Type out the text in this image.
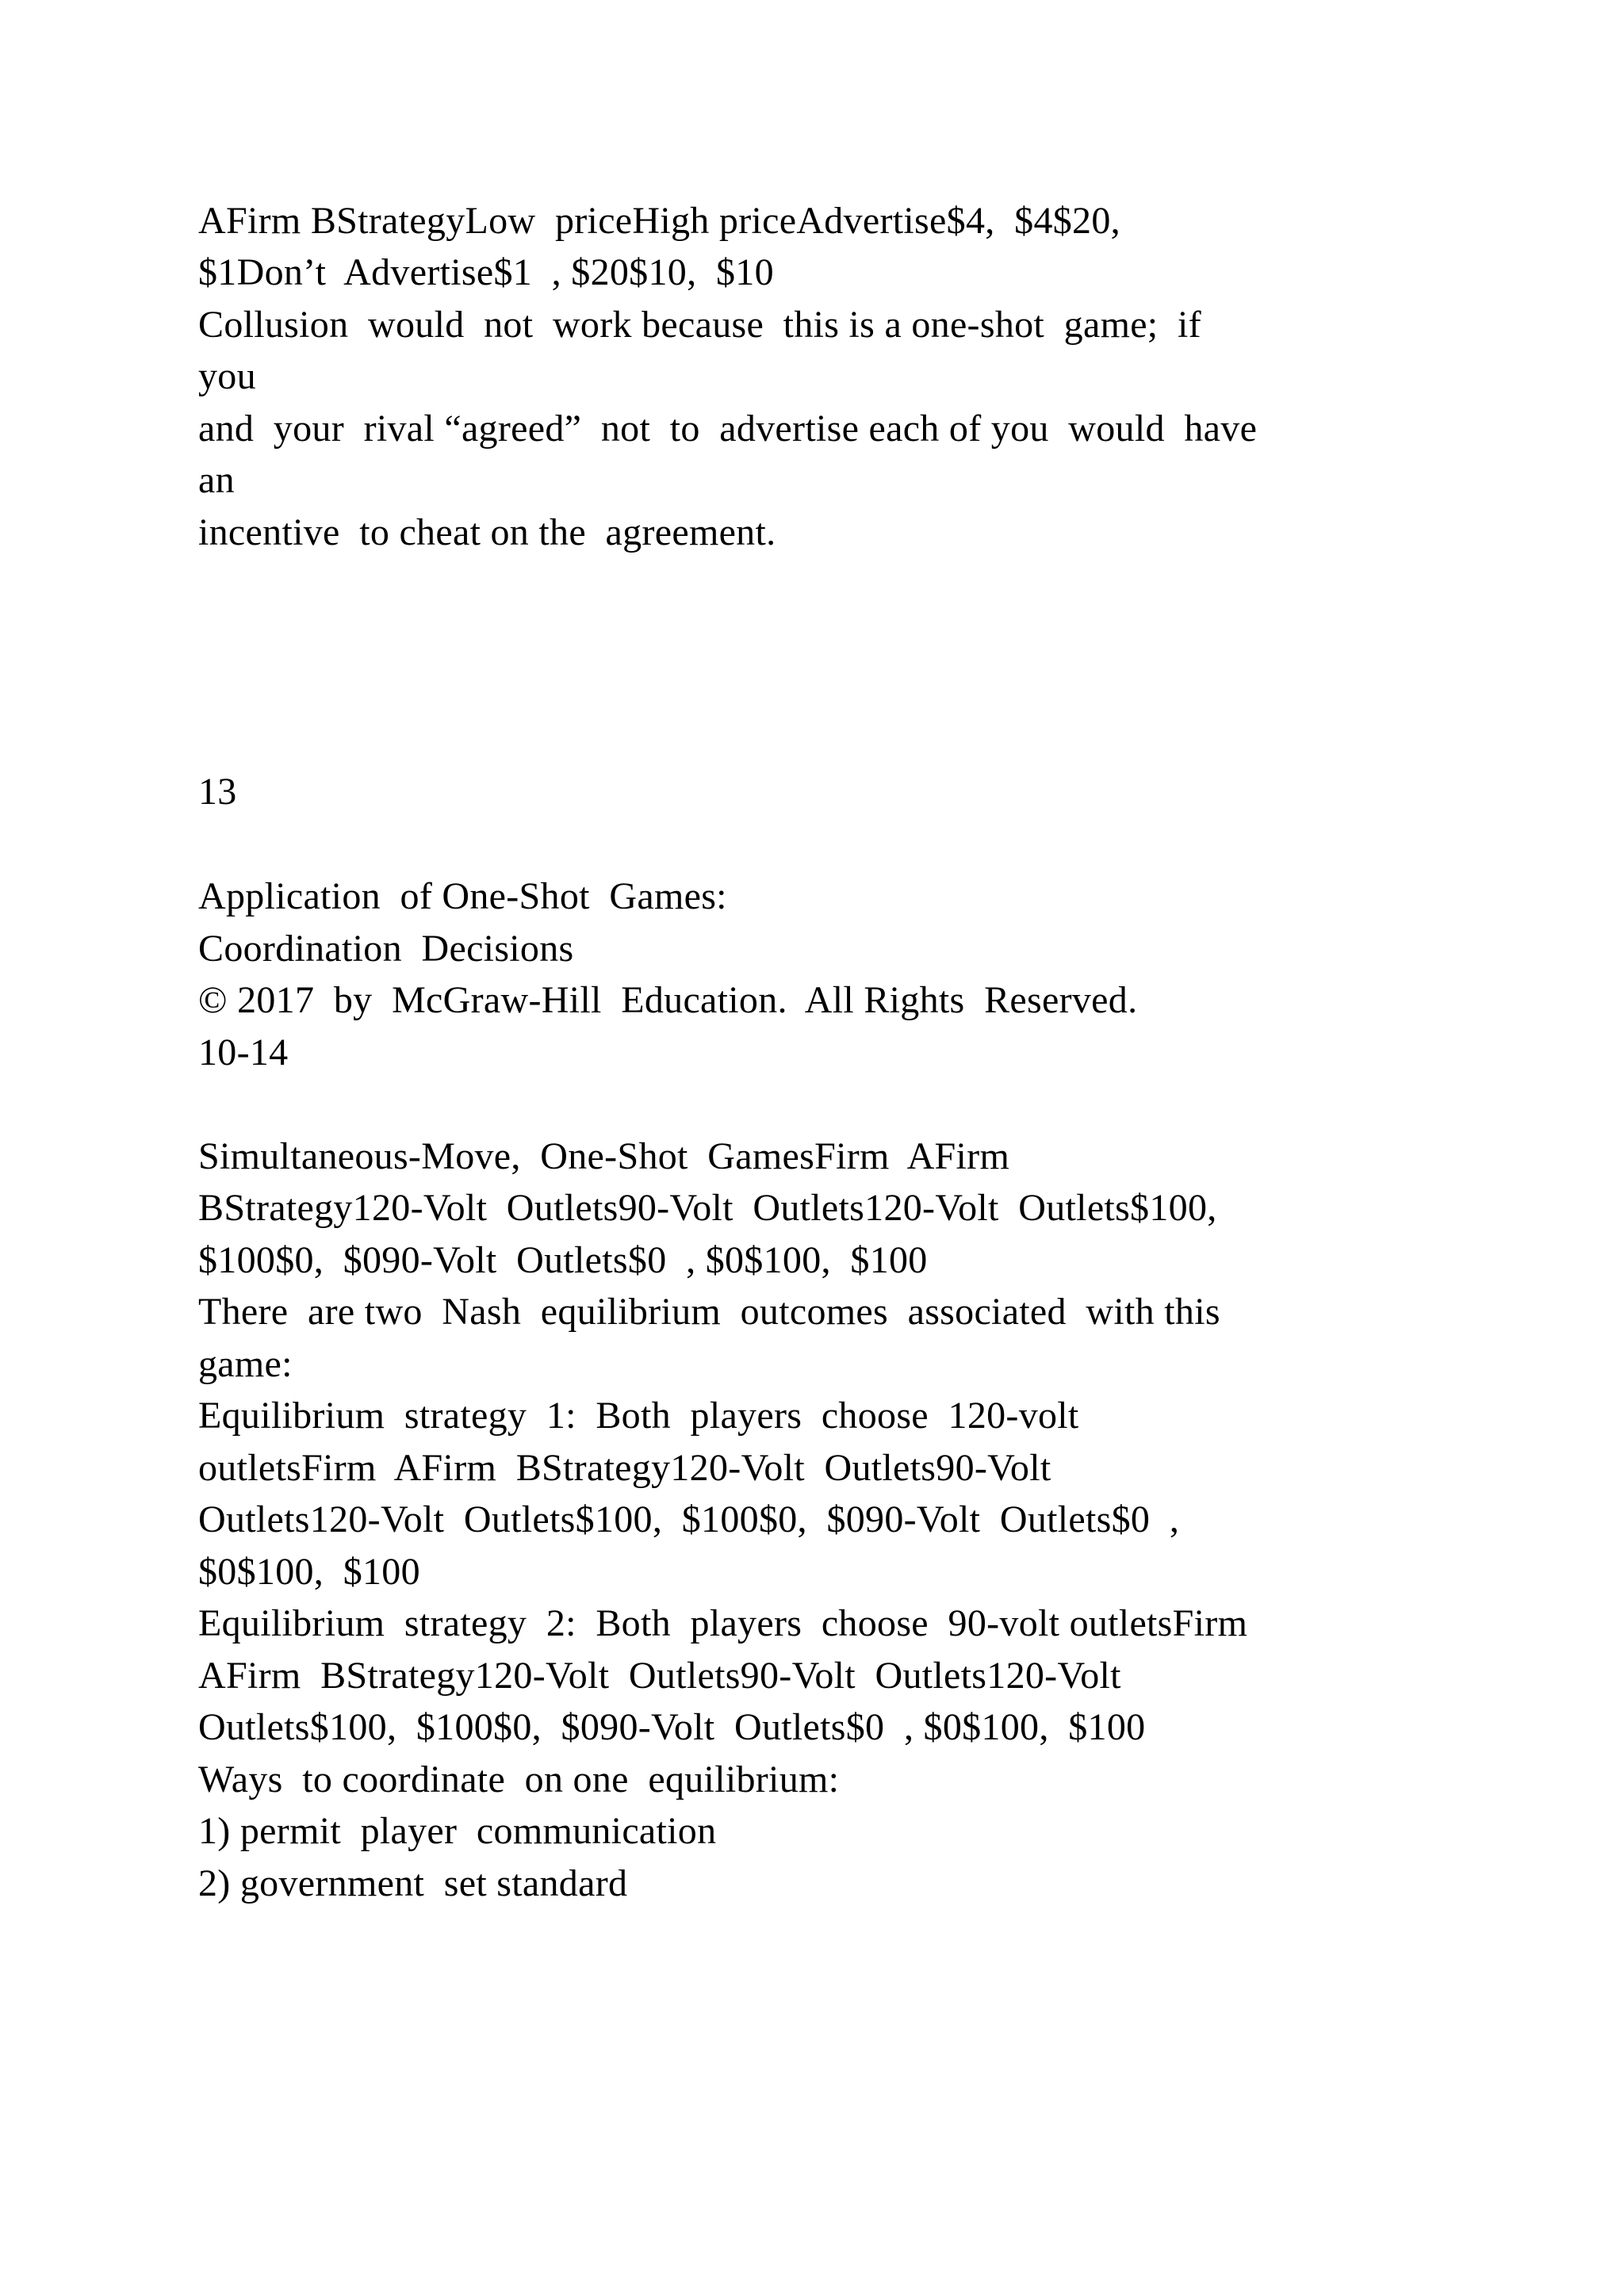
AFirm BStrategyLow  priceHigh priceAdvertise$4,  $4$20,
$1Don’t  Advertise$1  , $20$10,  $10
Collusion  would  not  work because  this is a one-shot  game;  if
you
and  your  rival “agreed”  not  to  advertise each of you  would  have
an
incentive  to cheat on the  agreement.
13
Application  of One-Shot  Games:
Coordination  Decisions
© 2017  by  McGraw-Hill  Education.  All Rights  Reserved.
10-14
Simultaneous-Move,  One-Shot  GamesFirm  AFirm
BStrategy120-Volt  Outlets90-Volt  Outlets120-Volt  Outlets$100,
$100$0,  $090-Volt  Outlets$0  , $0$100,  $100
There  are two  Nash  equilibrium  outcomes  associated  with this
game:
Equilibrium  strategy  1:  Both  players  choose  120-volt
outletsFirm  AFirm  BStrategy120-Volt  Outlets90-Volt
Outlets120-Volt  Outlets$100,  $100$0,  $090-Volt  Outlets$0  ,
$0$100,  $100
Equilibrium  strategy  2:  Both  players  choose  90-volt outletsFirm
AFirm  BStrategy120-Volt  Outlets90-Volt  Outlets120-Volt
Outlets$100,  $100$0,  $090-Volt  Outlets$0  , $0$100,  $100
Ways  to coordinate  on one  equilibrium:
1) permit  player  communication
2) government  set standard
